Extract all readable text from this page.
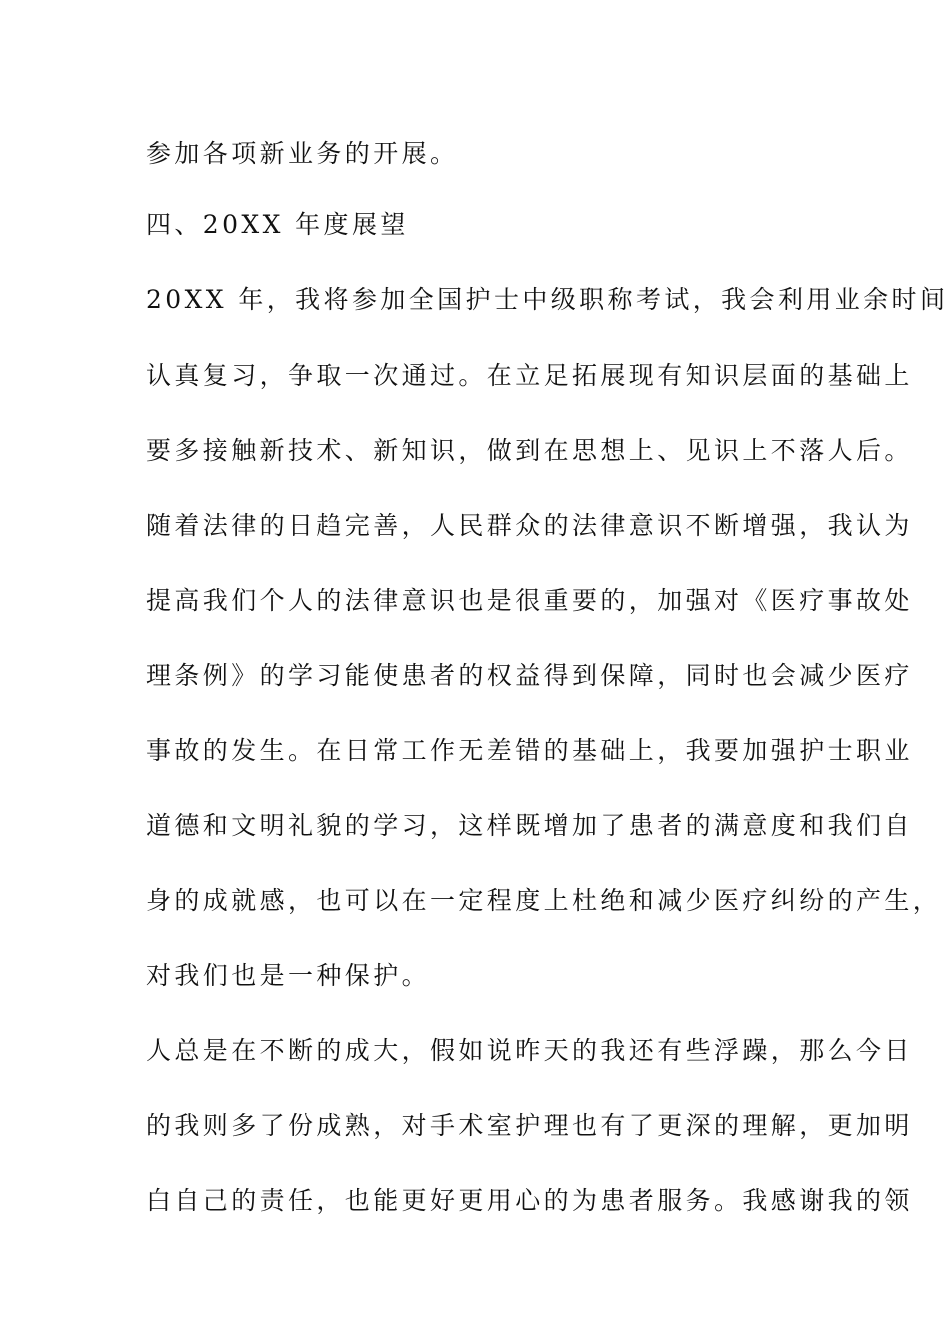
参加各项新业务的开展。
四、20XX 年度展望
20XX 年，我将参加全国护士中级职称考试，我会利用业余时间
认真复习，争取一次通过。在立足拓展现有知识层面的基础上
要多接触新技术、新知识，做到在思想上、见识上不落人后。
随着法律的日趋完善，人民群众的法律意识不断增强，我认为
提高我们个人的法律意识也是很重要的，加强对《医疗事故处
理条例》的学习能使患者的权益得到保障，同时也会减少医疗
事故的发生。在日常工作无差错的基础上，我要加强护士职业
道德和文明礼貌的学习，这样既增加了患者的满意度和我们自
身的成就感，也可以在一定程度上杜绝和减少医疗纠纷的产生，
对我们也是一种保护。
人总是在不断的成大，假如说昨天的我还有些浮躁，那么今日
的我则多了份成熟，对手术室护理也有了更深的理解，更加明
白自己的责任，也能更好更用心的为患者服务。我感谢我的领
